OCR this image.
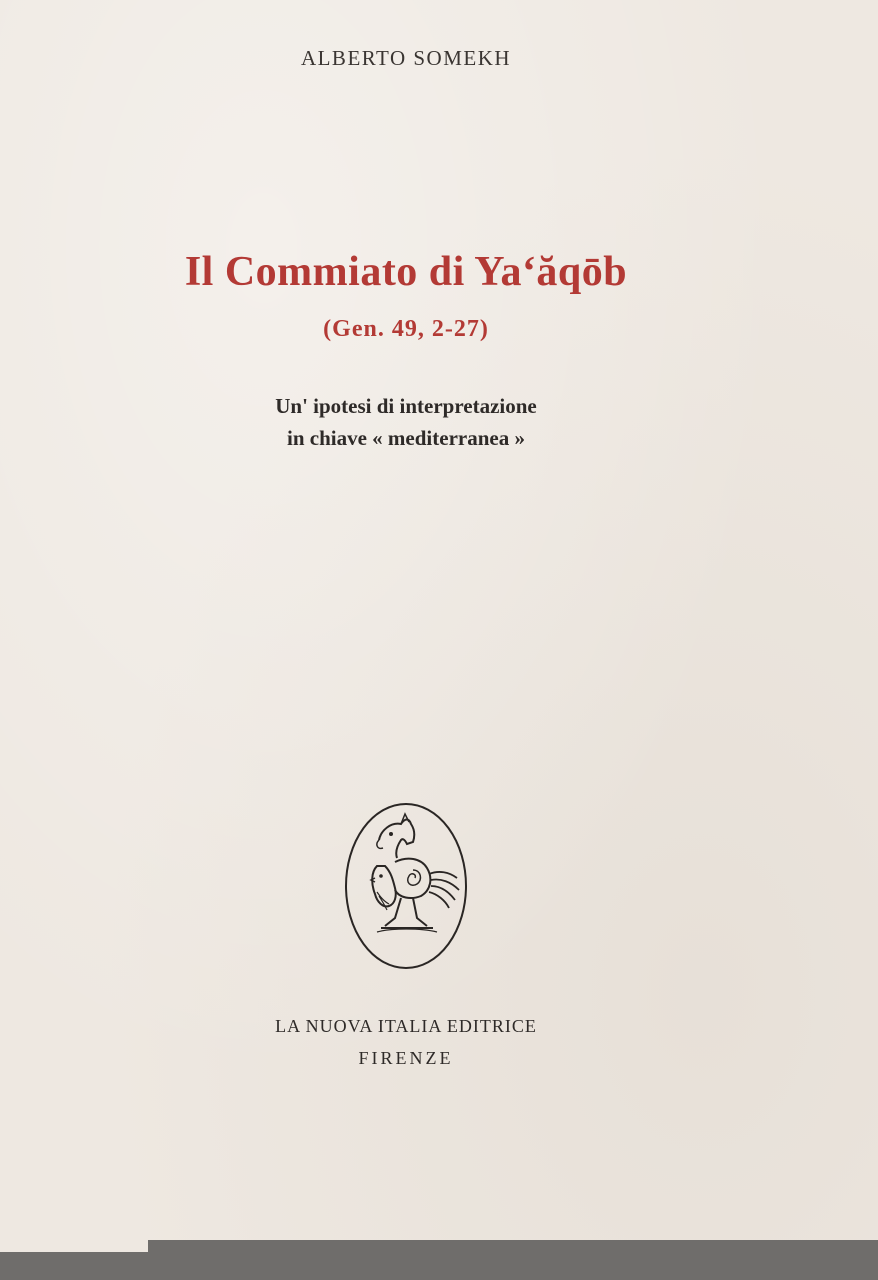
ALBERTO SOMEKH
Il Commiato di Ya‘ăqōb
(Gen. 49, 2-27)
Un' ipotesi di interpretazione
in chiave « mediterranea »
LA NUOVA ITALIA EDITRICE
FIRENZE
